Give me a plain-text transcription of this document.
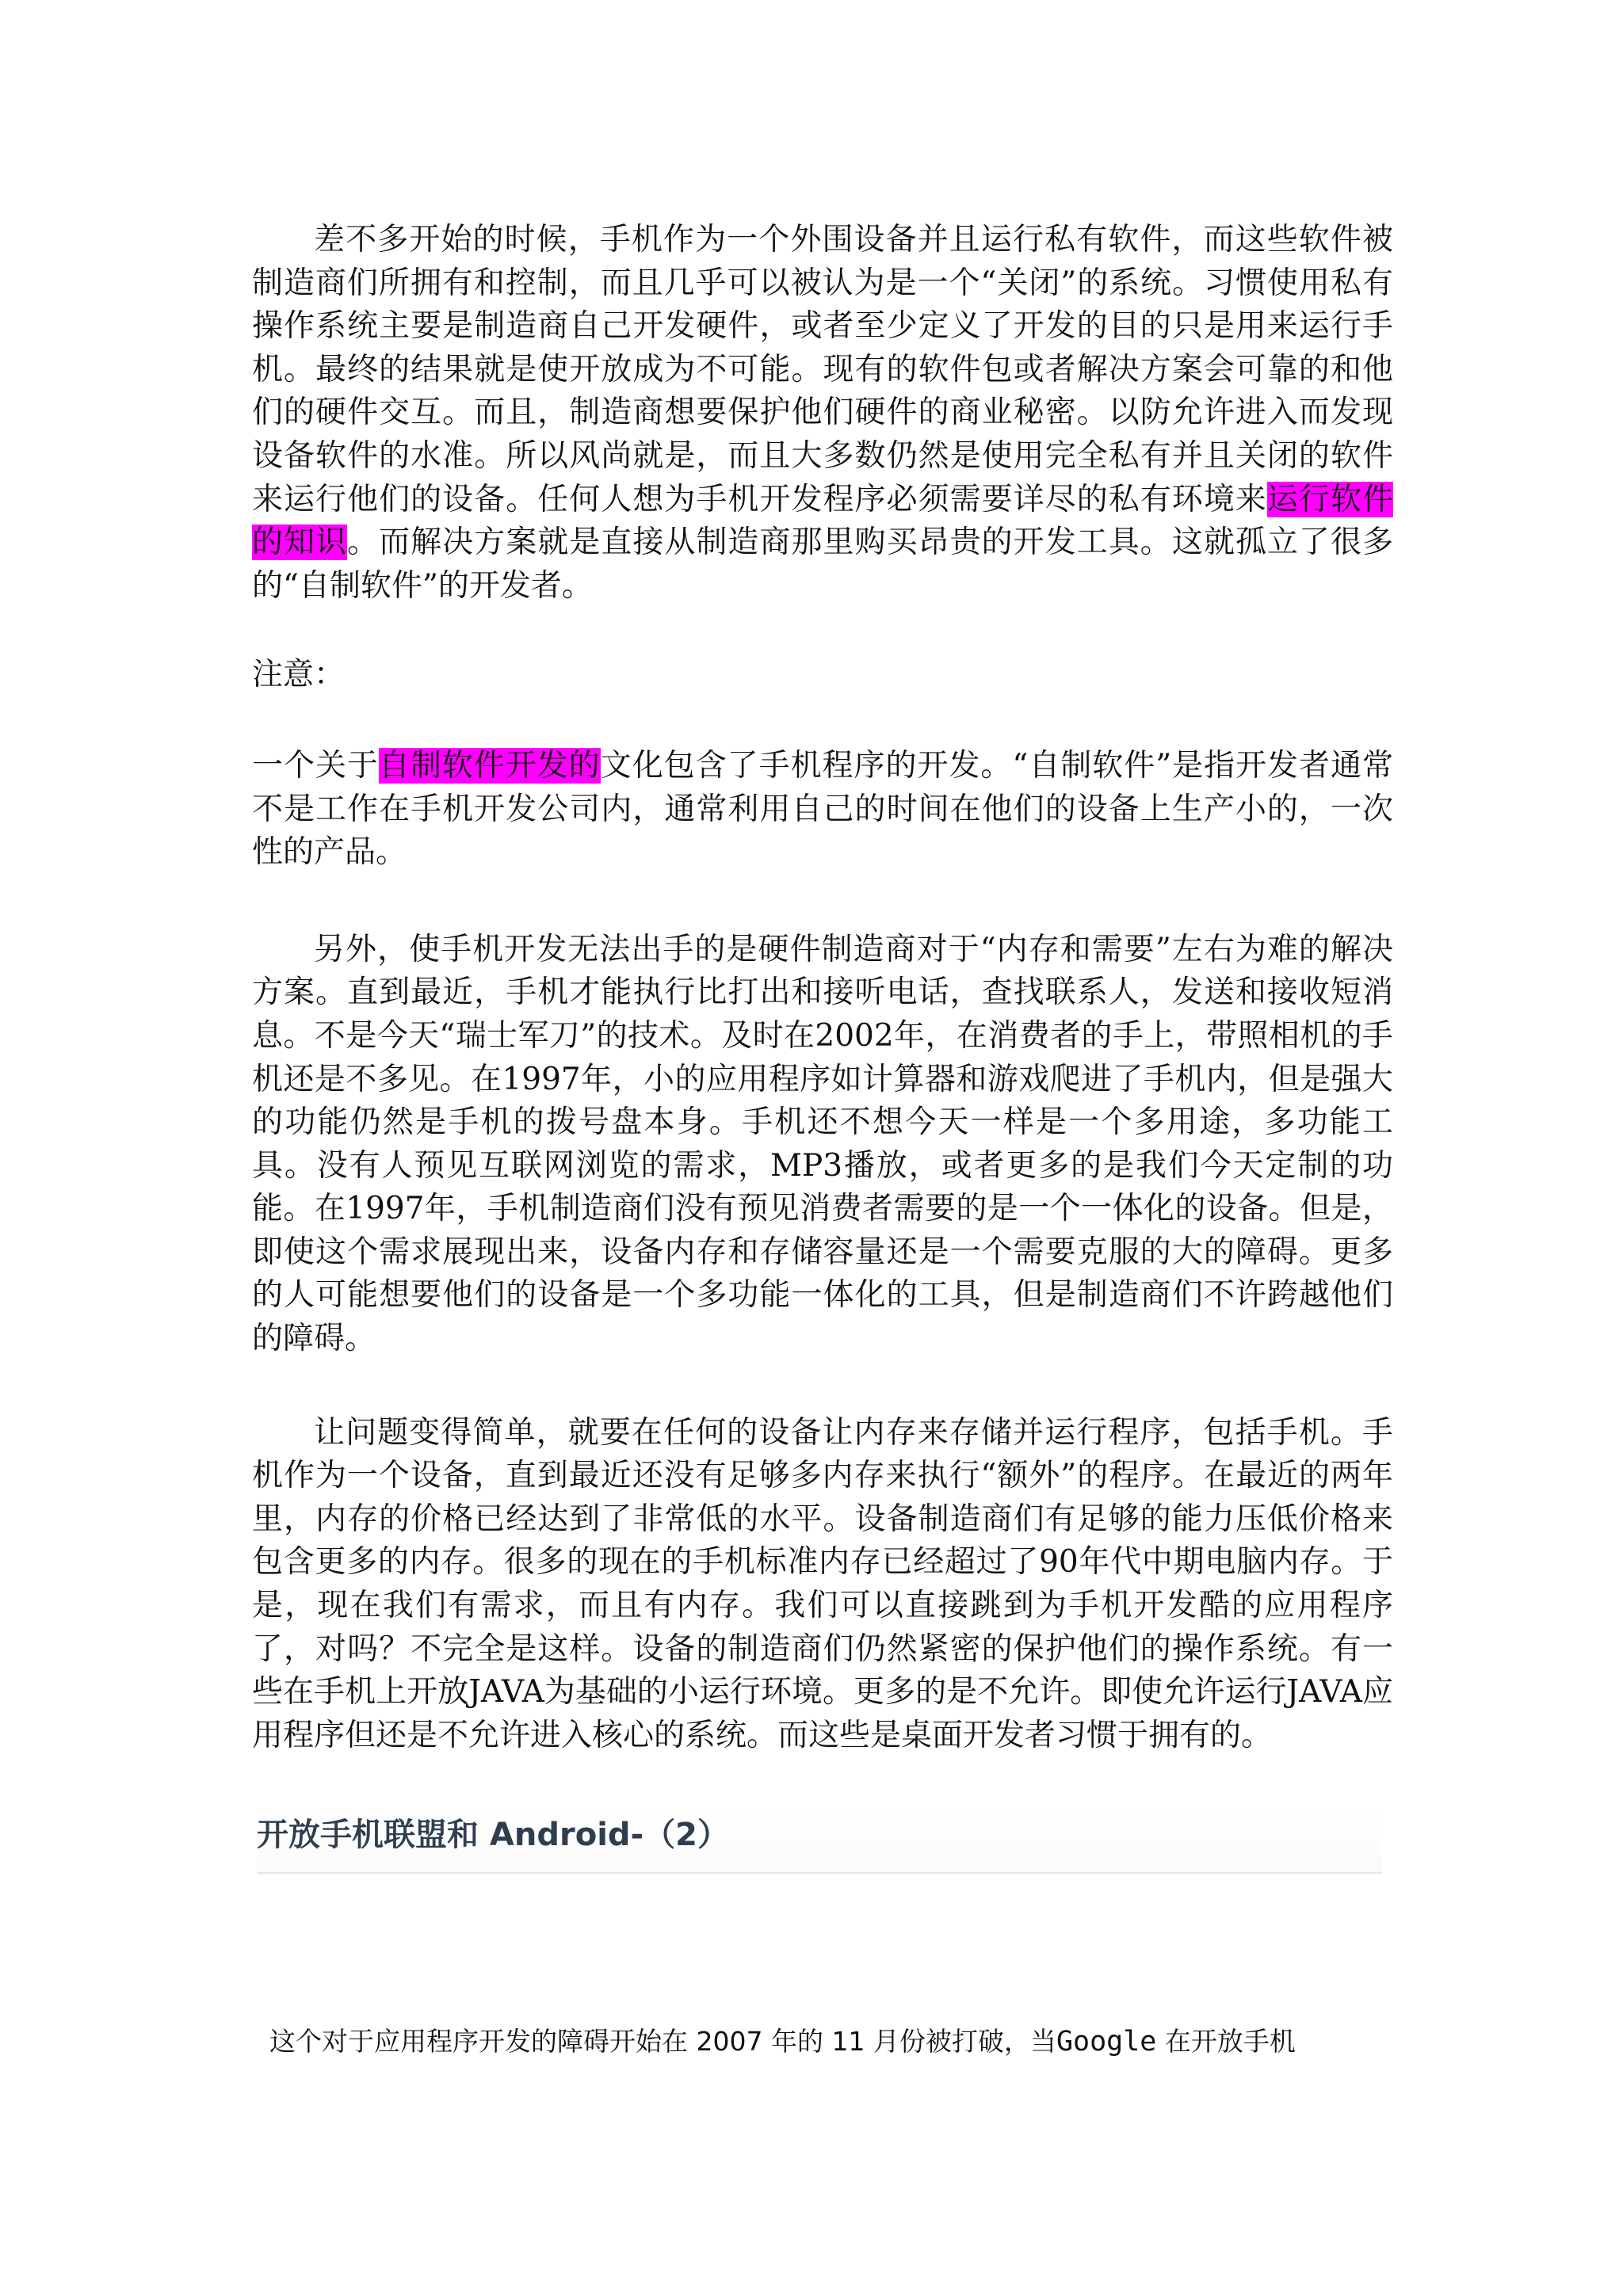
差不多开始的时候，手机作为一个外围设备并且运行私有软件，而这些软件被制造商们所拥有和控制，而且几乎可以被认为是一个“关闭”的系统。习惯使用私有操作系统主要是制造商自己开发硬件，或者至少定义了开发的目的只是用来运行手机。最终的结果就是使开放成为不可能。现有的软件包或者解决方案会可靠的和他们的硬件交互。而且，制造商想要保护他们硬件的商业秘密。以防允许进入而发现设备软件的水准。所以风尚就是，而且大多数仍然是使用完全私有并且关闭的软件来运行他们的设备。任何人想为手机开发程序必须需要详尽的私有环境来运行软件的知识。而解决方案就是直接从制造商那里购买昂贵的开发工具。这就孤立了很多的“自制软件”的开发者。

注意：

一个关于自制软件开发的文化包含了手机程序的开发。“自制软件”是指开发者通常不是工作在手机开发公司内，通常利用自己的时间在他们的设备上生产小的，一次性的产品。

另外，使手机开发无法出手的是硬件制造商对于“内存和需要”左右为难的解决方案。直到最近，手机才能执行比打出和接听电话，查找联系人，发送和接收短消息。不是今天“瑞士军刀”的技术。及时在2002年，在消费者的手上，带照相机的手机还是不多见。在1997年，小的应用程序如计算器和游戏爬进了手机内，但是强大的功能仍然是手机的拨号盘本身。手机还不想今天一样是一个多用途，多功能工具。没有人预见互联网浏览的需求，MP3播放，或者更多的是我们今天定制的功能。在1997年，手机制造商们没有预见消费者需要的是一个一体化的设备。但是，即使这个需求展现出来，设备内存和存储容量还是一个需要克服的大的障碍。更多的人可能想要他们的设备是一个多功能一体化的工具，但是制造商们不许跨越他们的障碍。

让问题变得简单，就要在任何的设备让内存来存储并运行程序，包括手机。手机作为一个设备，直到最近还没有足够多内存来执行“额外”的程序。在最近的两年里，内存的价格已经达到了非常低的水平。设备制造商们有足够的能力压低价格来包含更多的内存。很多的现在的手机标准内存已经超过了90年代中期电脑内存。于是，现在我们有需求，而且有内存。我们可以直接跳到为手机开发酷的应用程序了，对吗？不完全是这样。设备的制造商们仍然紧密的保护他们的操作系统。有一些在手机上开放JAVA为基础的小运行环境。更多的是不允许。即使允许运行JAVA应用程序但还是不允许进入核心的系统。而这些是桌面开发者习惯于拥有的。

开放手机联盟和 Android-（2）
这个对于应用程序开发的障碍开始在 2007 年的 11 月份被打破，当Google 在开放手机
